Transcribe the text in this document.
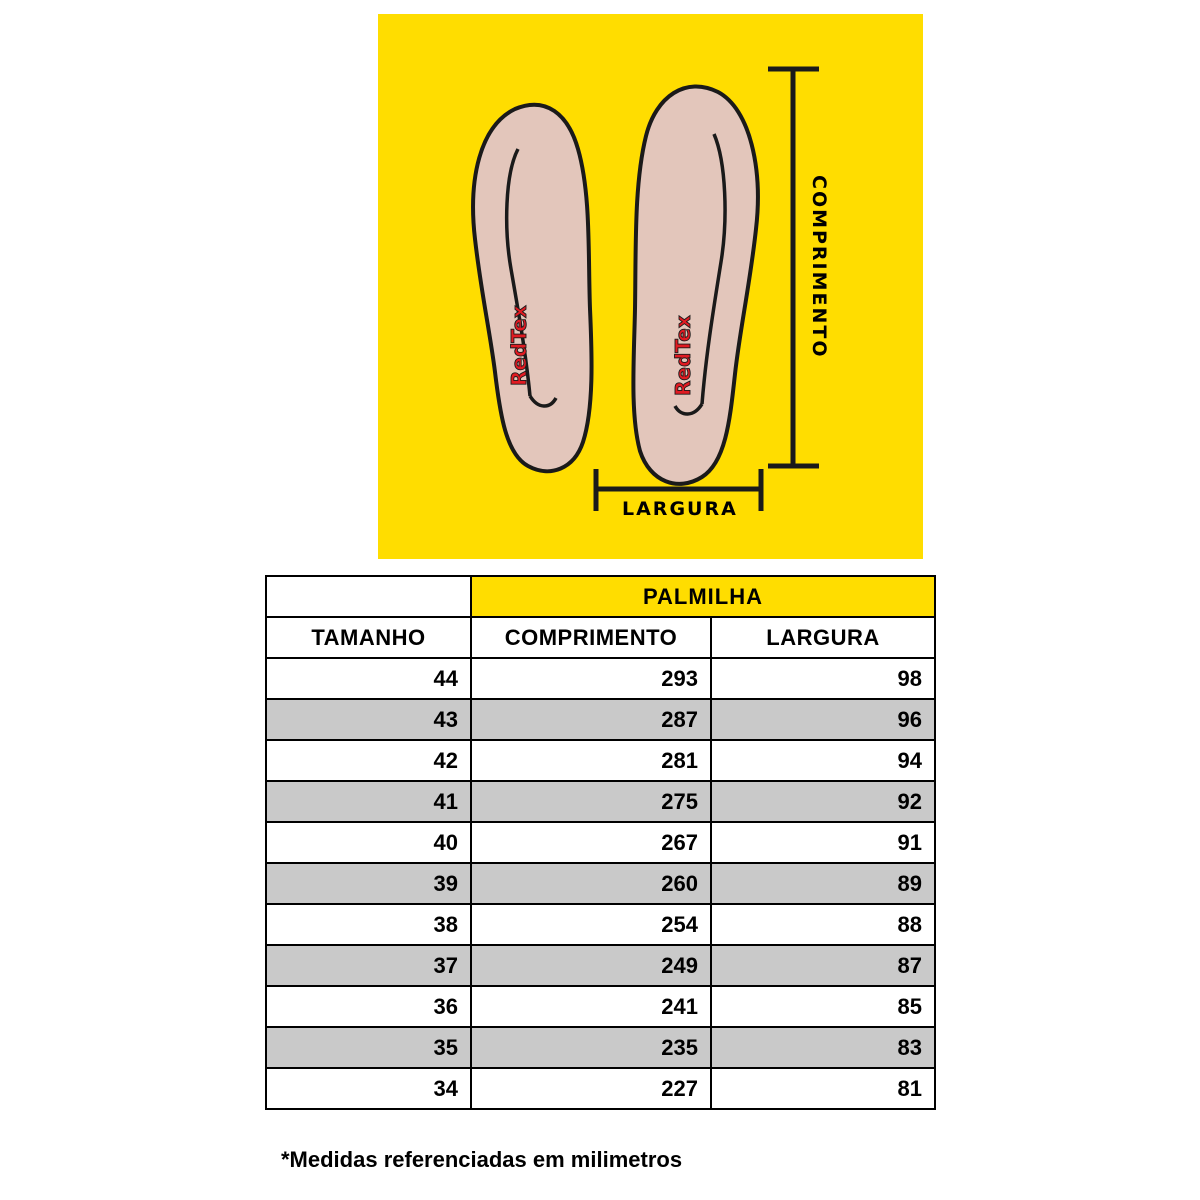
RedTex	RedTex	COMPRIMENTO
LARGURA
	PALMILHA	
TAMANHO	COMPRIMENTO	LARGURA
44	293	98
43	287	96
42	281	94
41	275	92
40	267	91
39	260	89
38	254	88
37	249	87
36	241	85
35	235	83
34	227	81
*Medidas referenciadas em milimetros
